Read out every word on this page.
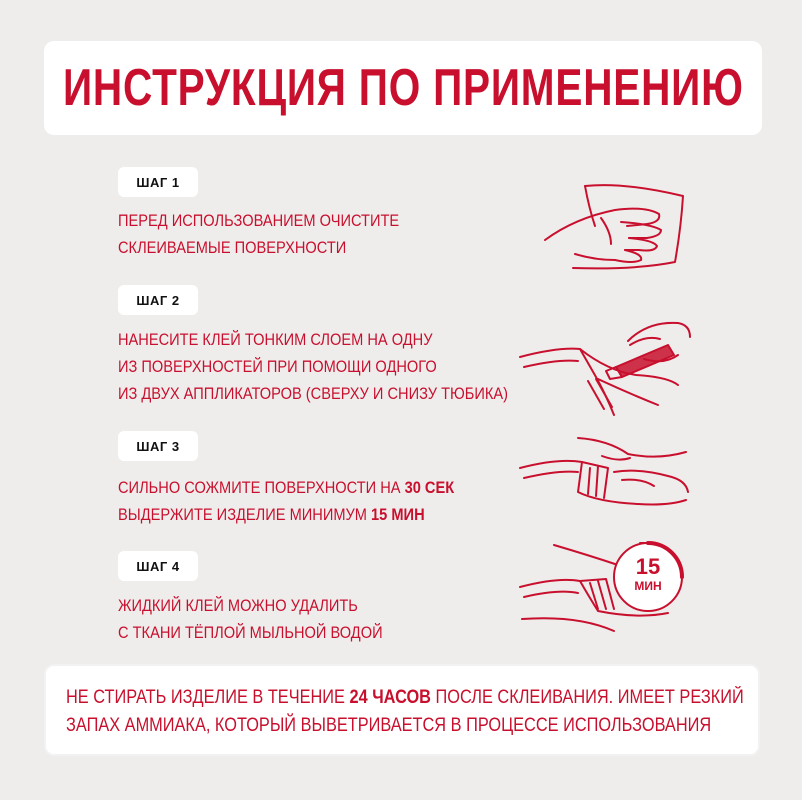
ИНСТРУКЦИЯ ПО ПРИМЕНЕНИЮ
ШАГ 1
ПЕРЕД ИСПОЛЬЗОВАНИЕМ ОЧИСТИТЕ
СКЛЕИВАЕМЫЕ ПОВЕРХНОСТИ
ШАГ 2
НАНЕСИТЕ КЛЕЙ ТОНКИМ СЛОЕМ НА ОДНУ
ИЗ ПОВЕРХНОСТЕЙ ПРИ ПОМОЩИ ОДНОГО
ИЗ ДВУХ АППЛИКАТОРОВ (СВЕРХУ И СНИЗУ ТЮБИКА)
ШАГ 3
СИЛЬНО СОЖМИТЕ ПОВЕРХНОСТИ НА 30 СЕК
ВЫДЕРЖИТЕ ИЗДЕЛИЕ МИНИМУМ 15 МИН
ШАГ 4
ЖИДКИЙ КЛЕЙ МОЖНО УДАЛИТЬ
С ТКАНИ ТЁПЛОЙ МЫЛЬНОЙ ВОДОЙ
15
МИН
НЕ СТИРАТЬ ИЗДЕЛИЕ В ТЕЧЕНИЕ 24 ЧАСОВ ПОСЛЕ СКЛЕИВАНИЯ. ИМЕЕТ РЕЗКИЙ
ЗАПАХ АММИАКА, КОТОРЫЙ ВЫВЕТРИВАЕТСЯ В ПРОЦЕССЕ ИСПОЛЬЗОВАНИЯ
